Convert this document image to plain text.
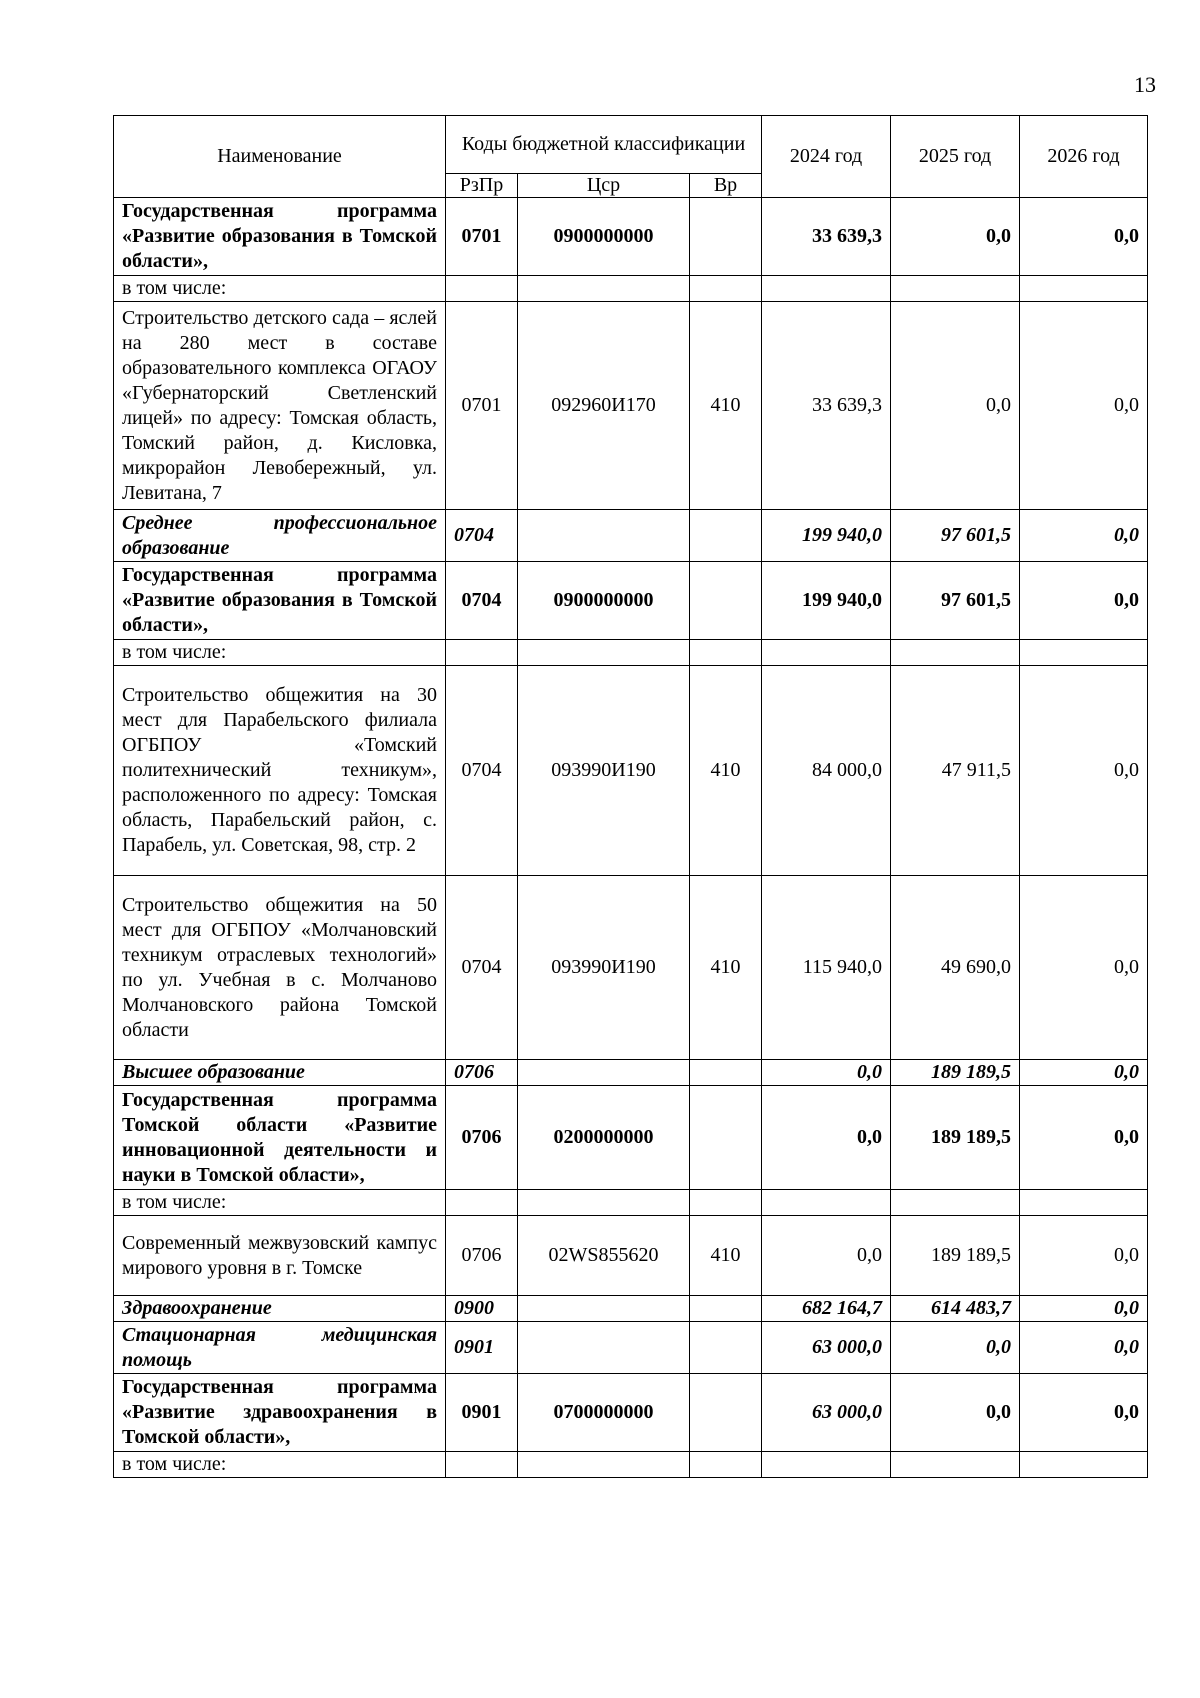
13
Наименование	Коды бюджетной классификации			2024 год	2025 год	2026 год
	РзПр	Цср	Вр			
Государственная программа «Развитие образования в Томской области»,	0701	0900000000		33 639,3	0,0	0,0
в том числе:						
Строительство детского сада – яслей на 280 мест в составе образовательного комплекса ОГАОУ «Губернаторский Светленский лицей» по адресу: Томская область, Томский район, д. Кисловка, микрорайон Левобережный, ул. Левитана, 7	0701	092960И170	410	33 639,3	0,0	0,0
Среднее профессиональное образование	0704			199 940,0	97 601,5	0,0
Государственная программа «Развитие образования в Томской области»,	0704	0900000000		199 940,0	97 601,5	0,0
в том числе:						
Строительство общежития на 30 мест для Парабельского филиала ОГБПОУ «Томский политехнический техникум», расположенного по адресу: Томская область, Парабельский район, с. Парабель, ул. Советская, 98, стр. 2	0704	093990И190	410	84 000,0	47 911,5	0,0
Строительство общежития на 50 мест для ОГБПОУ «Молчановский техникум отраслевых технологий» по ул. Учебная в с. Молчаново Молчановского района Томской области	0704	093990И190	410	115 940,0	49 690,0	0,0
Высшее образование	0706			0,0	189 189,5	0,0
Государственная программа Томской области «Развитие инновационной деятельности и науки в Томской области»,	0706	0200000000		0,0	189 189,5	0,0
в том числе:						
Современный межвузовский кампус мирового уровня в г. Томске	0706	02WS855620	410	0,0	189 189,5	0,0
Здравоохранение	0900			682 164,7	614 483,7	0,0
Стационарная медицинская помощь	0901			63 000,0	0,0	0,0
Государственная программа «Развитие здравоохранения в Томской области»,	0901	0700000000		63 000,0	0,0	0,0
в том числе:						
